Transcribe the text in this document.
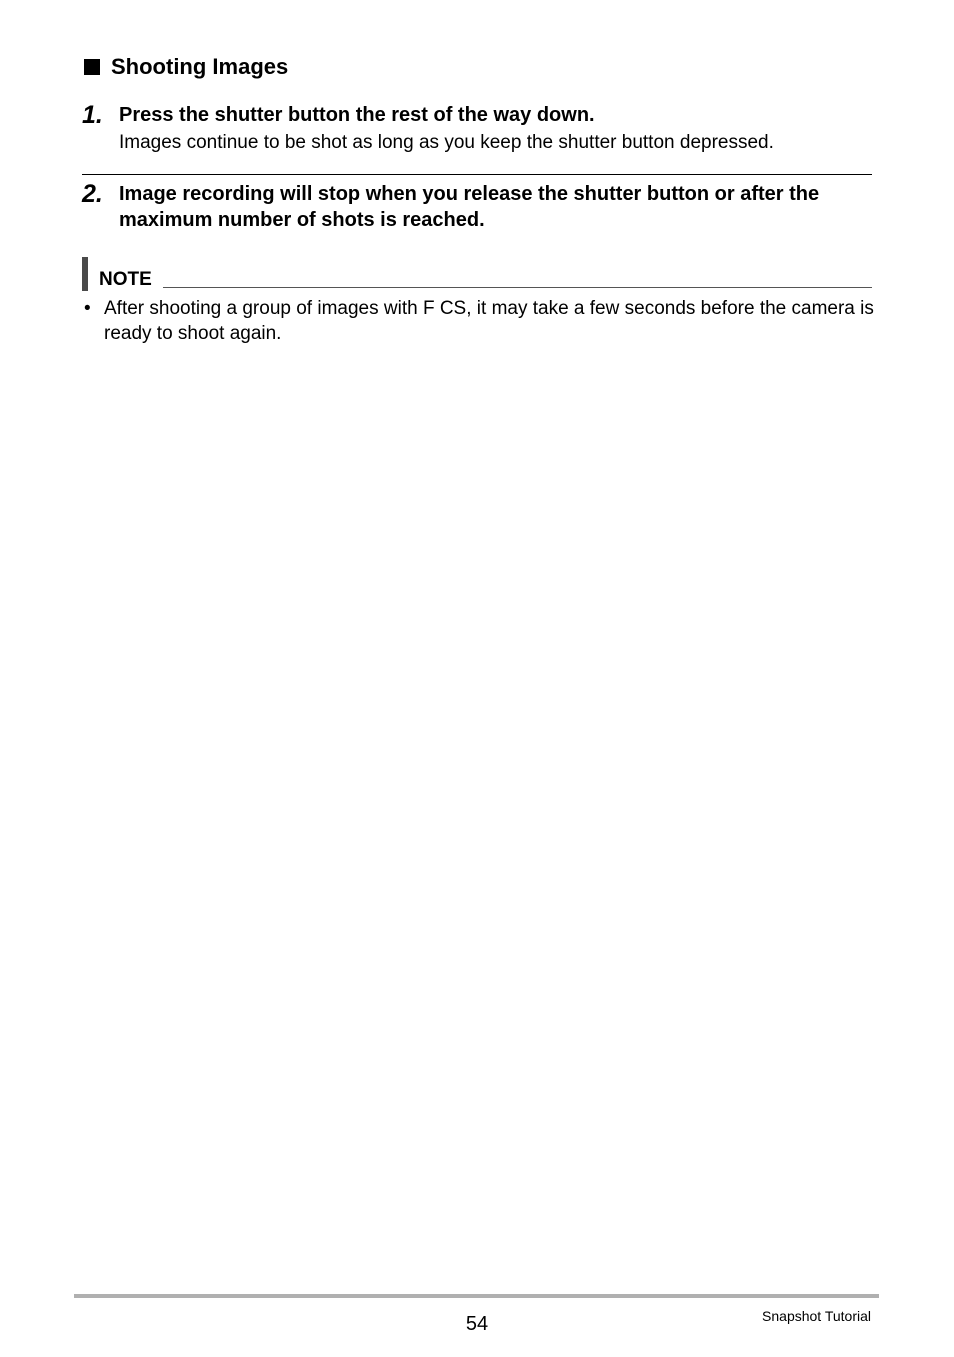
Shooting Images
1. Press the shutter button the rest of the way down.
Images continue to be shot as long as you keep the shutter button depressed.
2. Image recording will stop when you release the shutter button or after the maximum number of shots is reached.
NOTE
• After shooting a group of images with F CS, it may take a few seconds before the camera is ready to shoot again.
54	Snapshot Tutorial
